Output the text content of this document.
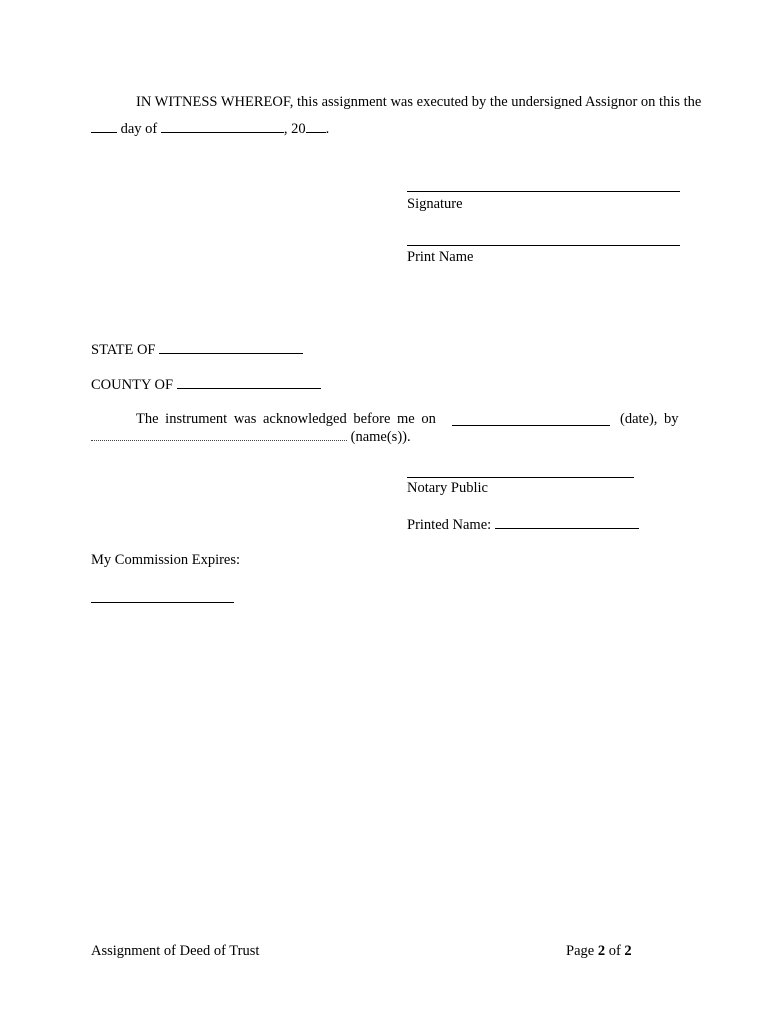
IN WITNESS WHEREOF, this assignment was executed by the undersigned Assignor on this the
day of	, 20 .
Signature
Print Name
STATE OF
COUNTY OF
The instrument was acknowledged before me on	(date), by
(name(s)).
Notary Public
Printed Name:
My Commission Expires:
Assignment of Deed of Trust	Page 2 of 2
